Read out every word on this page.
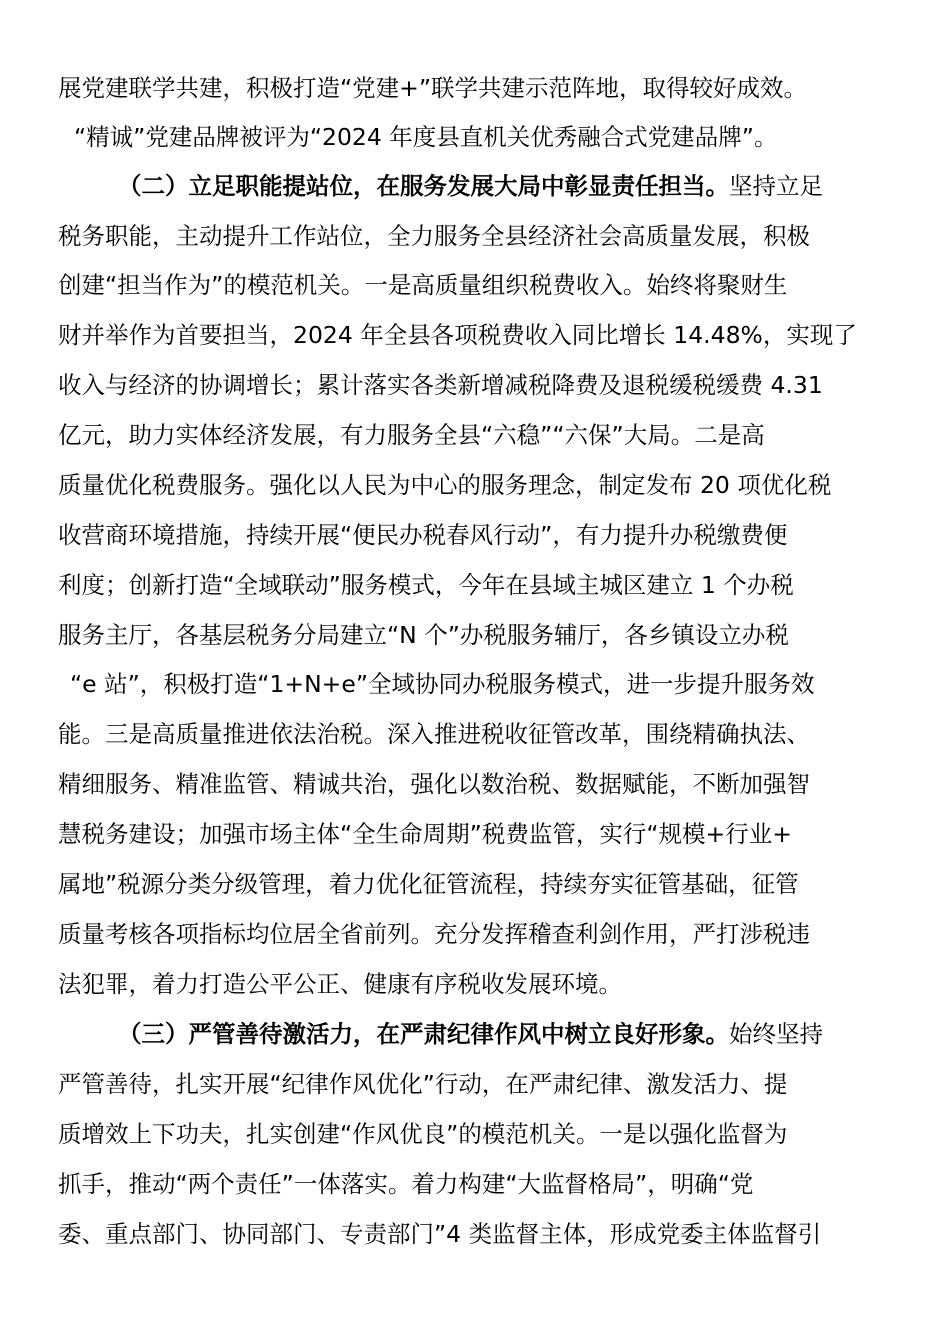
展党建联学共建，积极打造“党建+”联学共建示范阵地，取得较好成效。
“精诚”党建品牌被评为“2024 年度县直机关优秀融合式党建品牌”。
（二）立足职能提站位，在服务发展大局中彰显责任担当。坚持立足
税务职能，主动提升工作站位，全力服务全县经济社会高质量发展，积极
创建“担当作为”的模范机关。一是高质量组织税费收入。始终将聚财生
财并举作为首要担当，2024 年全县各项税费收入同比增长 14.48%，实现了
收入与经济的协调增长；累计落实各类新增减税降费及退税缓税缓费 4.31
亿元，助力实体经济发展，有力服务全县“六稳”“六保”大局。二是高
质量优化税费服务。强化以人民为中心的服务理念，制定发布 20 项优化税
收营商环境措施，持续开展“便民办税春风行动”，有力提升办税缴费便
利度；创新打造“全域联动”服务模式，今年在县域主城区建立 1 个办税
服务主厅，各基层税务分局建立“N 个”办税服务辅厅，各乡镇设立办税
“e 站”，积极打造“1+N+e”全域协同办税服务模式，进一步提升服务效
能。三是高质量推进依法治税。深入推进税收征管改革，围绕精确执法、
精细服务、精准监管、精诚共治，强化以数治税、数据赋能，不断加强智
慧税务建设；加强市场主体“全生命周期”税费监管，实行“规模+行业+
属地”税源分类分级管理，着力优化征管流程，持续夯实征管基础，征管
质量考核各项指标均位居全省前列。充分发挥稽查利剑作用，严打涉税违
法犯罪，着力打造公平公正、健康有序税收发展环境。
（三）严管善待激活力，在严肃纪律作风中树立良好形象。始终坚持
严管善待，扎实开展“纪律作风优化”行动，在严肃纪律、激发活力、提
质增效上下功夫，扎实创建“作风优良”的模范机关。一是以强化监督为
抓手，推动“两个责任”一体落实。着力构建“大监督格局”，明确“党
委、重点部门、协同部门、专责部门”4 类监督主体，形成党委主体监督引
